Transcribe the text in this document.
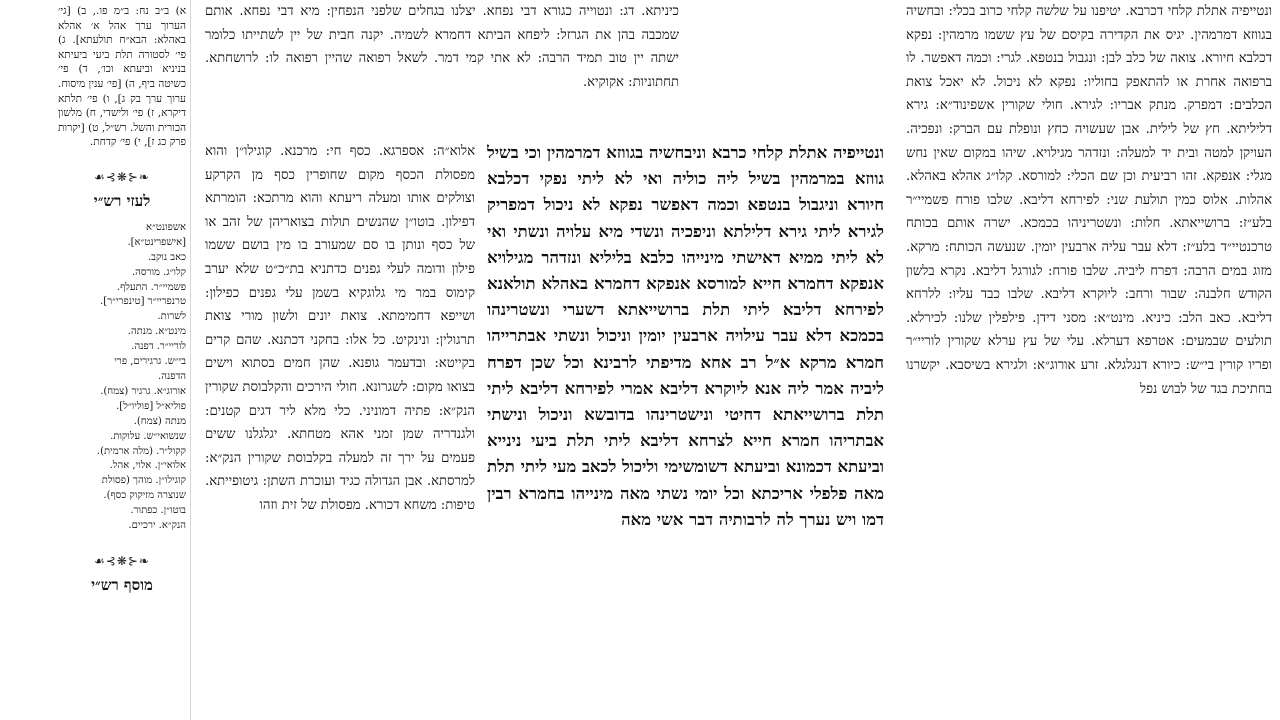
ונטייפיה אתלת קלחי דכרבא. יטיפנו על שלשה קלחי כרוב בכלי: ובחשיה בגווזא דמרמהין. יגיס את הקדירה בקיסם של עץ ששמו מרמהין: נפקא דכלבא חיורא. צואה של כלב לבן: ונגבול בנטפא. לגרי: וכמה דאפשר. לו ברפואה אחרת או להתאפק בחוליו: נפקא לא ניכול. לא יאכל צואת הכלבים: דמפרק. מנתק אבריו: לגירא. חולי שקורין אשפינוד״א: גירא דליליתא. חץ של לילית. אבן שעשויה כחץ ונופלת עם הברק: ונפכיה. העויקן למטה ובית יד למעלה: ונזדהר מגילויא. שיהו במקום שאין נחש מגלי: אנפקא. זהו רביעית וכן שם הכלי: למורסא. קלו״ג אהלא באהלא. אהלות. אלוס כמין תולעת שני: לפירחא דליבא. שלבו פורח פשמיי״ר בלע״ז: ברושייאתא. חלות: ונשטריניהו בכמכא. ישרה אותם בכותח טרכנטיי״ד בלע״ז: דלא עבר עליה ארבעין יומין. שנעשה הכותח: מרקא. מזוג במים הרבה: דפרח ליביה. שלבו פורח: לגורגל דליבא. נקרא בלשון הקודש חלבנה: שבור ורחב: ליוקרא דליבא. שלבו כבד עליו: ללרחא דליבא. כאב הלב: כיניא. מינט״א: מסני דידן. פילפלין שלנו: לכירלא. תולעים שבמעים: אטרפא דערלא. עלי של עץ ערלא שקורין לוריי״ר ופריו קורין בי״ש: כיורא דנגלגלא. זרע אורוג״א: ולגירא בשיסבא. יקשרנו בחתיכת בגד של לבוש נפל

כיניתא. דג: ונטוייה כגורא דבי נפחא. יצלנו בגחלים שלפני הנפחין: מיא דבי נפחא. אותם שמכבה בהן את הגרזל: ליפחא הביתא דחמרא לשמיה. יקנה חבית של יין לשתייתו כלומר ישתה יין טוב תמיד הרבה: לא אתי קמי דמר. לשאל רפואה שהיין רפואה לו: לרושחתא. תחתוניות: אקוקיא.

ונטייפיה אתלת קלחי כרבא וניבחשיה בגווזא דמרמהין וכי בשיל גווזא במרמהין בשיל ליה כוליה ואי לא ליתי נפקי דכלבא חיורא וניגבול בנטפא וכמה דאפשר נפקא לא ניכול דמפריק לגירא ליתי גירא דלילתא וניפכיה ונשדי מיא עלויה ונשתי ואי לא ליתי ממיא דאישתי מינייהו כלבא בליליא ונזדהר מגילויא אנפקא דחמרא חייא למורסא אנפקא דחמרא באהלא תולאנא לפירחא דליבא ליתי תלת ברושייאתא דשערי ונשטרינהו בכמכא דלא עבר עילויה ארבעין יומין וניכול ונשתי אבתרייהו חמרא מרקא א״ל רב אחא מדיפתי לרבינא וכל שכן דפרח ליביה אמר ליה אנא ליוקרא דליבא אמרי לפירחא דליבא ליתי תלת ברושייאתא דחיטי ונישטרינהו בדובשא וניכול ונישתי אבתריהו חמרא חייא לצרחא דליבא ליתי תלת ביעי נינייא וביעתא דכמונא וביעתא דשומשימי וליכול לכאב מעי ליתי תלת מאה פלפלי אריכתא וכל יומי נשתי מאה מינייהו בחמרא רבין דמו ויש נערך לה לרבותיה דבר אשי מאה

אלוא״ה: אספרגא. כסף חי: מרכנא. קוגילו״ן והוא מפסולת הכסף מקום שחופרין כסף מן הקרקע וצולקים אותו ומעלה ריעתא והוא מרתכא: הומרתא דפילון. בוטו״ן שהנשים תולות בצואריהן של זהב או של כסף ונותן בו סם שמעורב בו מין בושם ששמו פילון ודומה לעלי גפנים כדתניא בת״כ״ט שלא יערב קימוס במר מי גלוגקיא בשמן עלי גפנים כפילון: ושייפא דחמימתא. צואת יונים ולשון מורי צואת תרגולין: ונינקיט. כל אלו: בחקני דכתנא. שהם קרים בקייטא: ובדעמר גופנא. שהן חמים בסתוא וישים בצואו מקום: לשגרונא. חולי הירכים והקלבוסת שקורין הנק״א: פתיה דמוניני. כלי מלא ליר דגים קטנים: ולגנדריה שמן זמני אהא מטחתא. יגלגלנו ששים פעמים על ירך זה למעלה בקלבוסת שקורין הנק״א: למרסתא. אבן הגדולה כגיד ועוכרת השתן: גיטופייתא. טיפות: משחא דכורא. מפסולת של זית וזהו

א) ב״ב נח: ב״מ פו., ב) [גי׳ הערוך ערך אהל א׳ אהלא באהלא: הבא״ח תולעתא]. ג) פי׳ לסטורה תלת ביעי ביעיתא בניניא וביעתא וכו׳, ד) פי׳ כשיטה ביף, ה) [פי׳ ענין מיסוח. ערוך ערך בק ג], ו) פי׳ תלתא דיקרא, ז) פי׳ ולישדי, ח) מלשון הכורית והשל. רש״ל, ט) [יקרות פרק כג ז], י) פי׳ קדחת.
❧⊰❋⊱☙
לעזי רש״י

אשפונט״א

[אישפרינט״א].

כאב נוקב.

קלו״ג. מורסה.

פשמיי״ר. התעלף.

טרנפריי״ר [טינפרי״ר].

לשרות.

מינט״א. מנתה.

לוריי״ר. דפנה.

בי״ש. גרגירים, פרי

הדפנה.

אורוג״א. גרגיר (צמח).

פוליא״ל [פוליו״ל].

מנתה (צמח).

שנשואי״ש. עלוקות.

קקול״ר. (מלה ארמית).

אלואי״ן. אלוי, אהל.

קוגילו״ן. מוהך (פסולת

שנוצרה מזיקוק כסף).

בוטו״ן. כפתור.

הנק״א. ירכיים.

❧⊰❋⊱☙
מוסף רש״י
